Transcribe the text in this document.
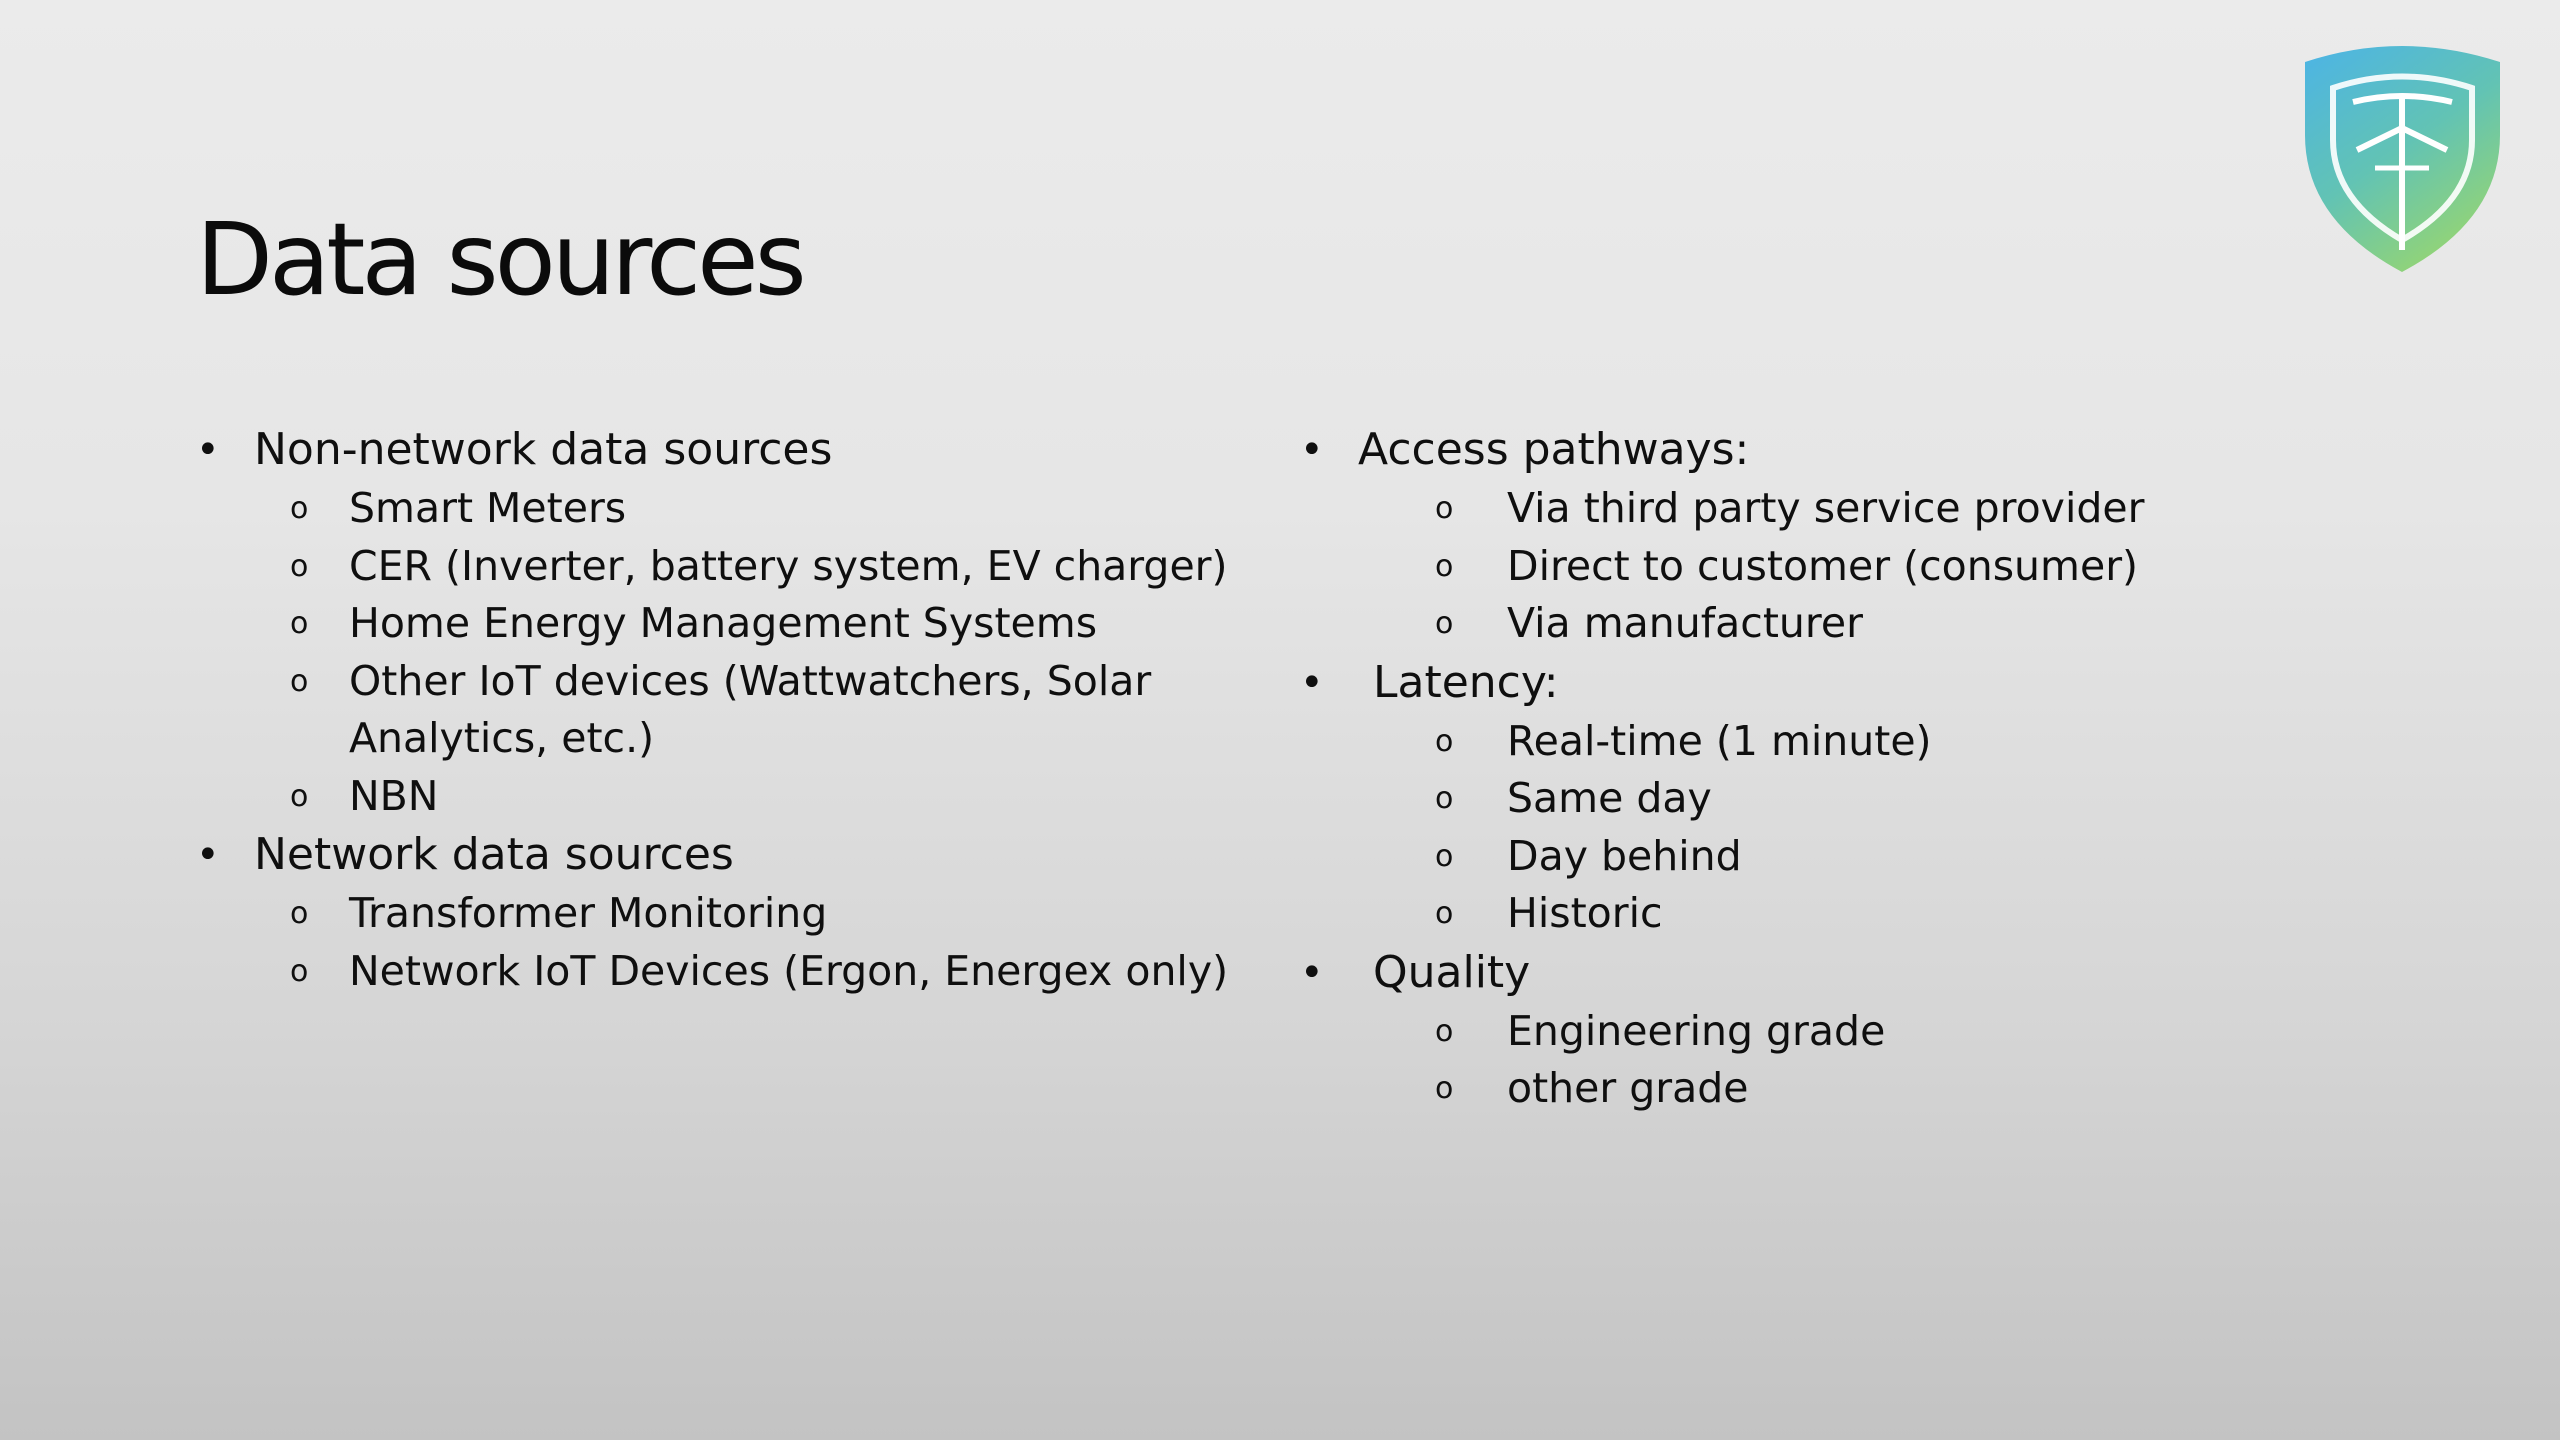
Data sources
• Non-network data sources
o Smart Meters
o CER (Inverter, battery system, EV charger)
o Home Energy Management Systems
o Other IoT devices (Wattwatchers, Solar Analytics, etc.)
o NBN
• Network data sources
o Transformer Monitoring
o Network IoT Devices (Ergon, Energex only)
• Access pathways:
o Via third party service provider
o Direct to customer (consumer)
o Via manufacturer
•	Latency:
o Real-time (1 minute)
o Same day
o Day behind
o Historic
•	Quality
o Engineering grade
o other grade
